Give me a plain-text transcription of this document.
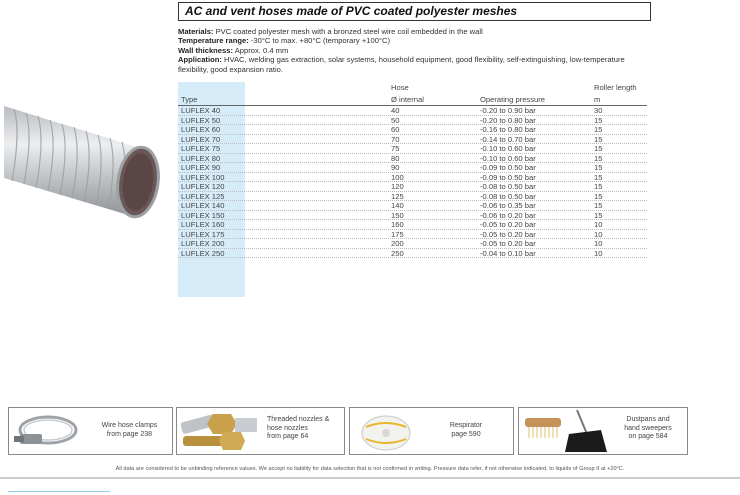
AC and vent hoses made of PVC coated polyester meshes
Materials: PVC coated polyester mesh with a bronzed steel wire coil embedded in the wall
Temperature range: -30°C to max. +80°C (temporary +100°C)
Wall thickness: Approx. 0.4 mm
Application: HVAC, welding gas extraction, solar systems, household equipment, good flexibility, self-extinguishing, low-temperature flexibility, good expansion ratio.
Type
Hose
Ø internal	Operating pressure
Roller length
m
LUFLEX 40	40	-0.20 to 0.90 bar	30
LUFLEX 50	50	-0.20 to 0.80 bar	15
LUFLEX 60	60	-0.16 to 0.80 bar	15
LUFLEX 70	70	-0.14 to 0.70 bar	15
LUFLEX 75	75	-0.10 to 0.60 bar	15
LUFLEX 80	80	-0.10 to 0.60 bar	15
LUFLEX 90	90	-0.09 to 0.50 bar	15
LUFLEX 100	100	-0.09 to 0.50 bar	15
LUFLEX 120	120	-0.08 to 0.50 bar	15
LUFLEX 125	125	-0.08 to 0.50 bar	15
LUFLEX 140	140	-0.06 to 0.35 bar	15
LUFLEX 150	150	-0.06 to 0.20 bar	15
LUFLEX 160	160	-0.05 to 0.20 bar	10
LUFLEX 175	175	-0.05 to 0.20 bar	10
LUFLEX 200	200	-0.05 to 0.20 bar	10
LUFLEX 250	250	-0.04 to 0.10 bar	10
Wire hose clamps
from page 238
Threaded nozzles &
hose nozzles
from page 64
Respirator
page 590
Dustpans and
hand sweepers
on page 584
All data are considered to be unbinding reference values. We accept no liability for data selection that is not confirmed in writing. Pressure data refer, if not otherwise indicated, to liquids of Group II at +20°C.
